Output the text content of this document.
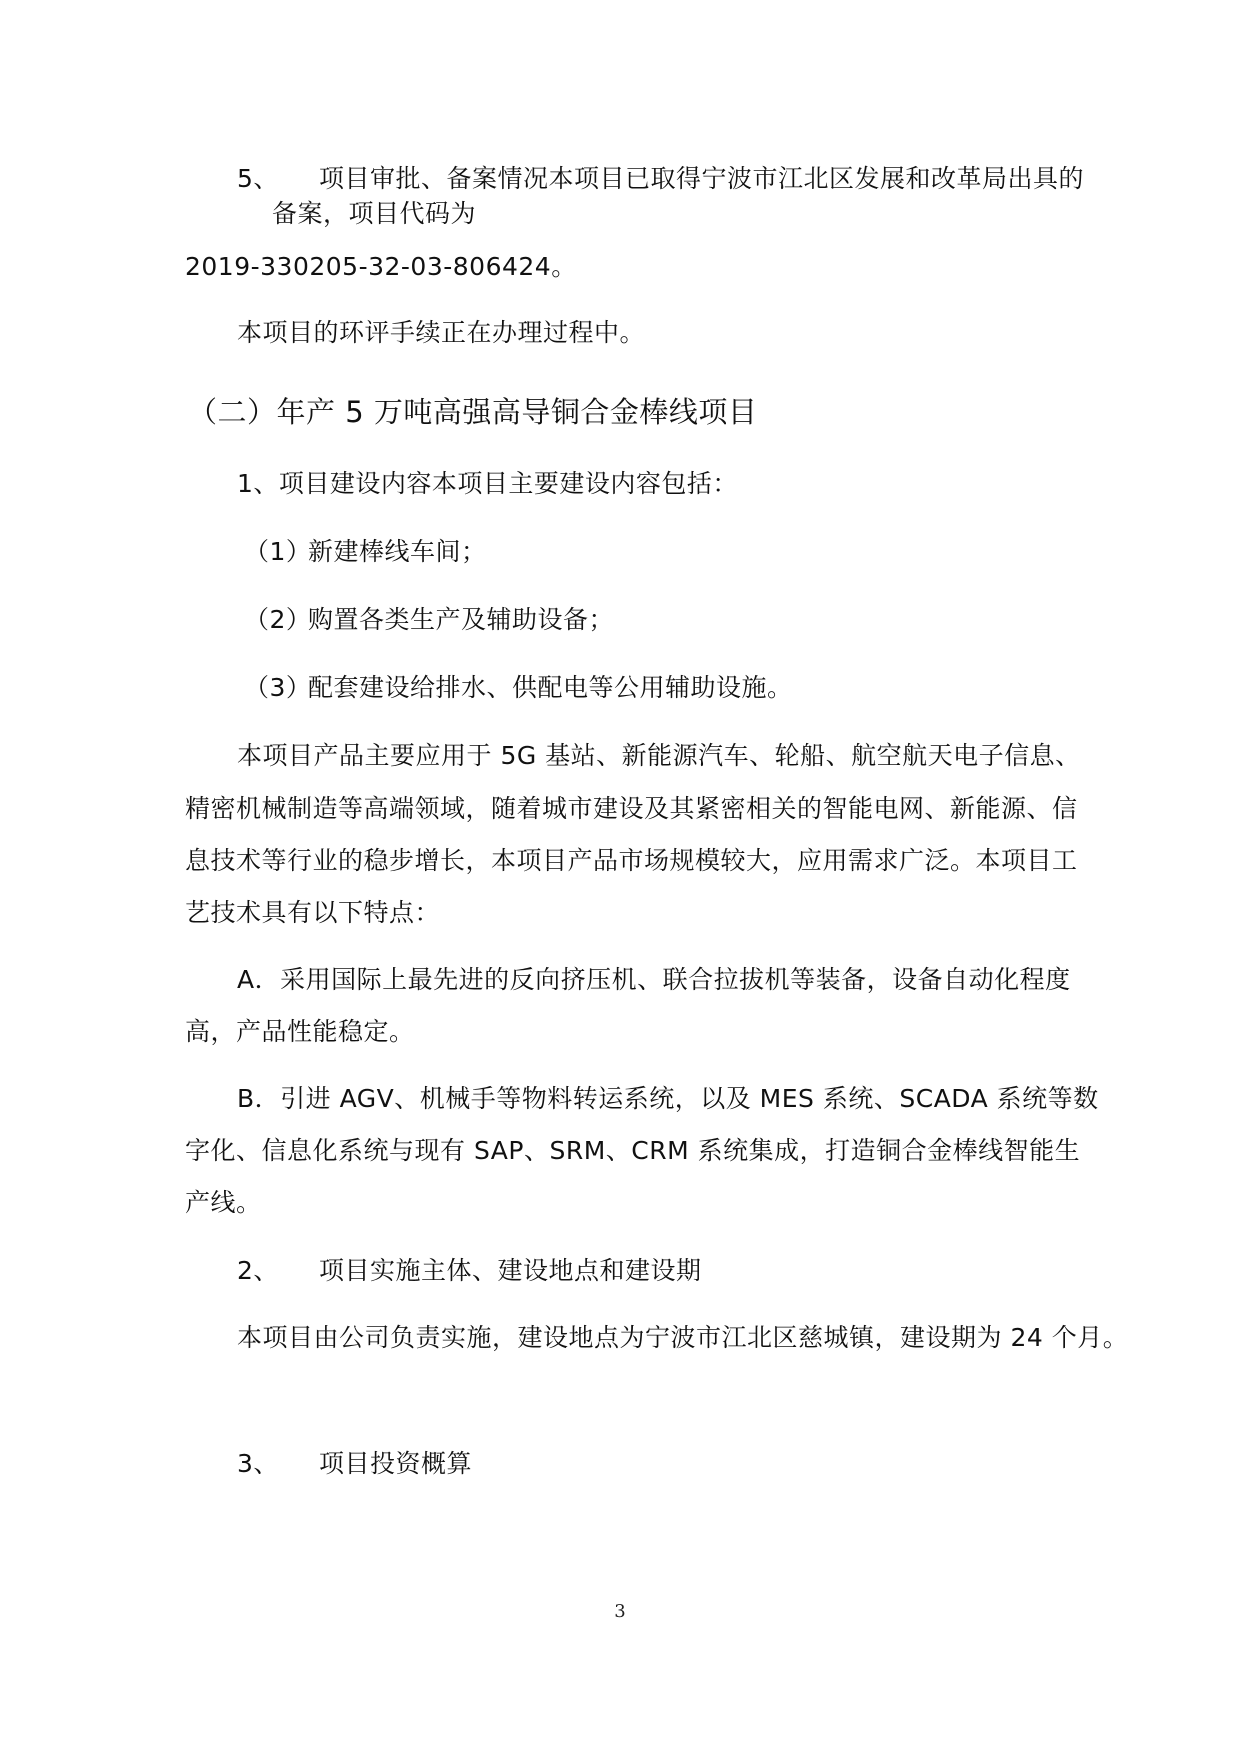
5、 项目审批、备案情况本项目已取得宁波市江北区发展和改革局出具的
备案，项目代码为
2019-330205-32-03-806424。
本项目的环评手续正在办理过程中。
（二）年产 5 万吨高强高导铜合金棒线项目
1、项目建设内容本项目主要建设内容包括：
（1）新建棒线车间；
（2）购置各类生产及辅助设备；
（3）配套建设给排水、供配电等公用辅助设施。
本项目产品主要应用于 5G 基站、新能源汽车、轮船、航空航天电子信息、
精密机械制造等高端领域，随着城市建设及其紧密相关的智能电网、新能源、信
息技术等行业的稳步增长，本项目产品市场规模较大，应用需求广泛。本项目工
艺技术具有以下特点：
A．采用国际上最先进的反向挤压机、联合拉拔机等装备，设备自动化程度
高，产品性能稳定。
B．引进 AGV、机械手等物料转运系统，以及 MES 系统、SCADA 系统等数
字化、信息化系统与现有 SAP、SRM、CRM 系统集成，打造铜合金棒线智能生
产线。
2、 项目实施主体、建设地点和建设期
本项目由公司负责实施，建设地点为宁波市江北区慈城镇，建设期为 24 个月。
3、 项目投资概算
3
